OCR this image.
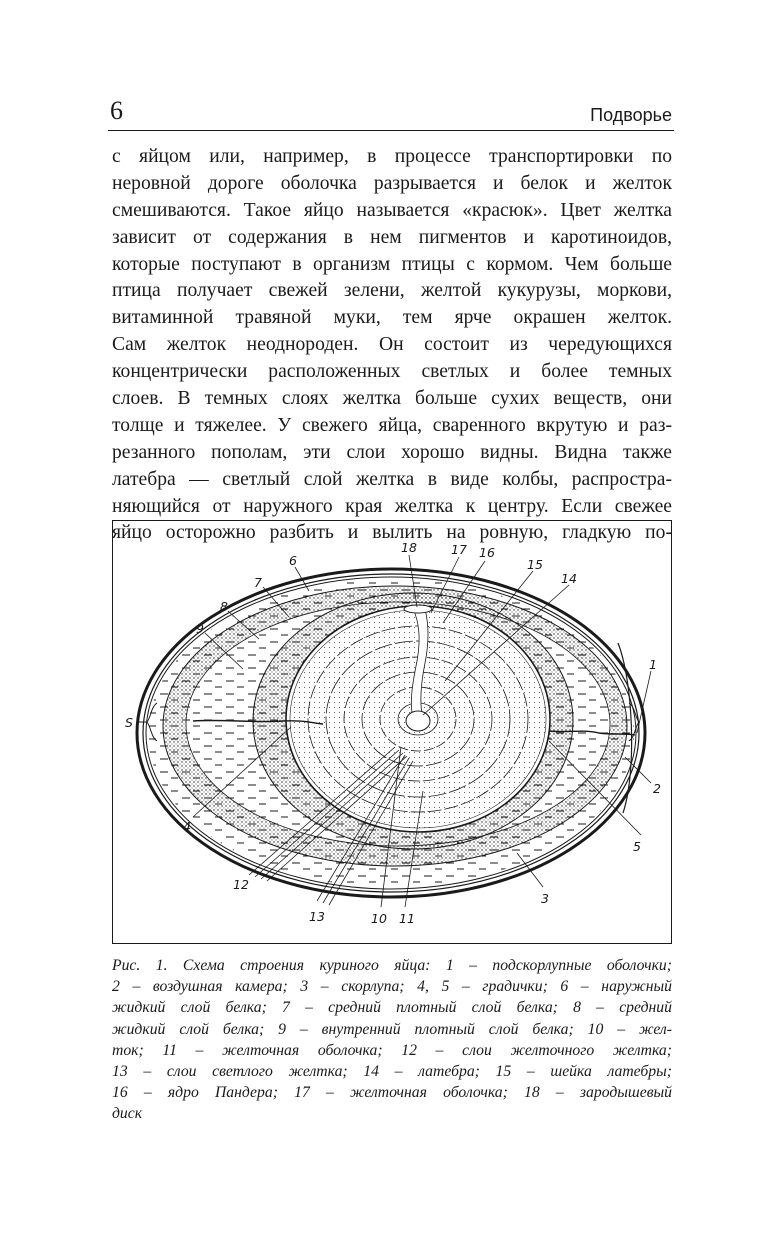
6	Подворье

с яйцом или, например, в процессе транспортировки по
неровной дороге оболочка разрывается и белок и желток
смешиваются. Такое яйцо называется «красюк». Цвет желтка
зависит от содержания в нем пигментов и каротиноидов,
которые поступают в организм птицы с кормом. Чем больше
птица получает свежей зелени, желтой кукурузы, моркови,
витаминной травяной муки, тем ярче окрашен желток.
Сам желток неоднороден. Он состоит из чередующихся
концентрически расположенных светлых и более темных
слоев. В темных слоях желтка больше сухих веществ, они
толще и тяжелее. У свежего яйца, сваренного вкрутую и раз-
резанного пополам, эти слои хорошо видны. Видна также
латебра — светлый слой желтка в виде колбы, распростра-
няющийся от наружного края желтка к центру. Если свежее
яйцо осторожно разбить и вылить на ровную, гладкую по-

S
6
7
8
9
18	17 16
15
14
1
2
5
3
4
12
13	10 11

Рис. 1. Схема строения куриного яйца: 1 – подскорлупные оболочки;
2 – воздушная камера; 3 – скорлупа; 4, 5 – градички; 6 – наружный
жидкий слой белка; 7 – средний плотный слой белка; 8 – средний
жидкий слой белка; 9 – внутренний плотный слой белка; 10 – жел-
ток; 11 – желточная оболочка; 12 – слои желточного желтка;
13 – слои светлого желтка; 14 – латебра; 15 – шейка латебры;
16 – ядро Пандера; 17 – желточная оболочка; 18 – зародышевый
диск
